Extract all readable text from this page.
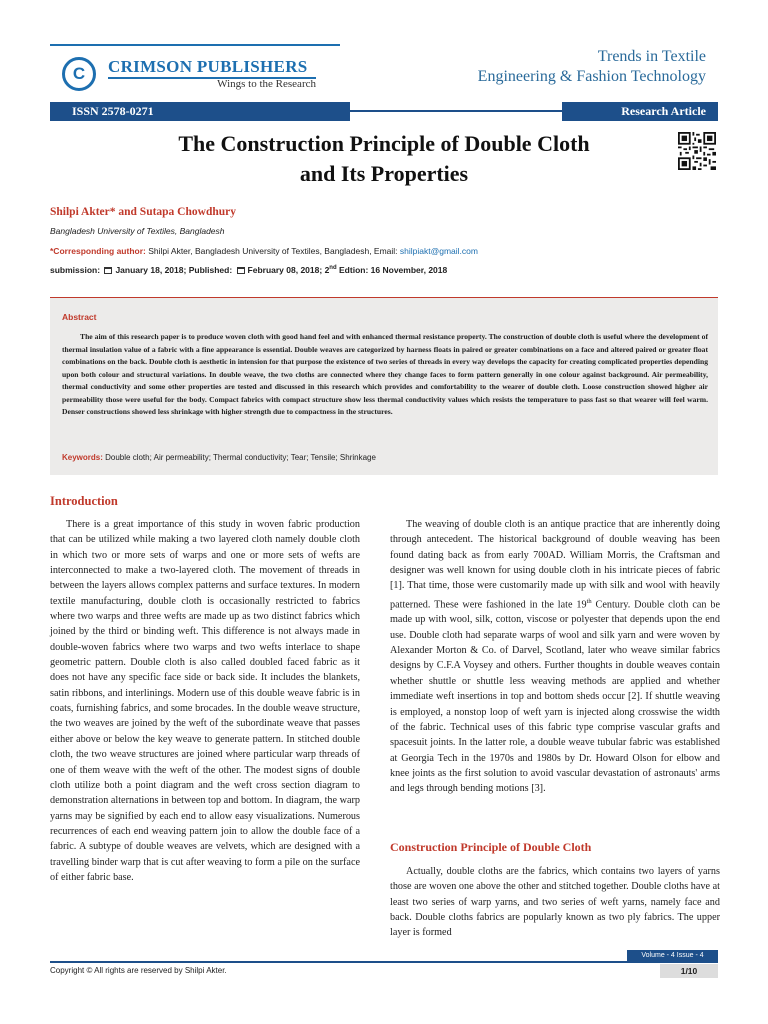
C CRIMSON PUBLISHERS
Wings to the Research
Trends in Textile
Engineering & Fashion Technology
ISSN 2578-0271	Research Article
The Construction Principle of Double Cloth
and Its Properties
Shilpi Akter* and Sutapa Chowdhury
Bangladesh University of Textiles, Bangladesh
*Corresponding author: Shilpi Akter, Bangladesh University of Textiles, Bangladesh, Email: shilpiakt@gmail.com
submission: January 18, 2018; Published: February 08, 2018; 2nd Edtion: 16 November, 2018
Abstract
The aim of this research paper is to produce woven cloth with good hand feel and with enhanced thermal resistance property. The construction of double cloth is useful where the development of thermal insulation value of a fabric with a fine appearance is essential. Double weaves are categorized by harness floats in paired or greater combinations on a face and altered paired or greater float combinations on the back. Double cloth is aesthetic in intension for that purpose the existence of two series of threads in every way develops the capacity for creating complicated properties depending upon both colour and structural variations. In double weave, the two cloths are connected where they change faces to form pattern generally in one colour against background. Air permeability, thermal conductivity and some other properties are tested and discussed in this research which provides and comfortability to the wearer of double cloth. Loose construction showed higher air permeability those were useful for the body. Compact fabrics with compact structure show less thermal conductivity values which resists the temperature to pass fast so that wearer will feel warm. Denser constructions showed less shrinkage with higher strength due to compactness in the structures.
Keywords: Double cloth; Air permeability; Thermal conductivity; Tear; Tensile; Shrinkage
Introduction
There is a great importance of this study in woven fabric production that can be utilized while making a two layered cloth namely double cloth in which two or more sets of warps and one or more sets of wefts are interconnected to make a two-layered cloth. The movement of threads in between the layers allows complex patterns and surface textures. In modern textile manufacturing, double cloth is occasionally restricted to fabrics where two warps and three wefts are made up as two distinct fabrics which joined by the third or binding weft. This difference is not always made in double-woven fabrics where two warps and two wefts interlace to shape geometric pattern. Double cloth is also called doubled faced fabric as it does not have any specific face side or back side. It includes the blankets, satin ribbons, and interlinings. Modern use of this double weave fabric is in coats, furnishing fabrics, and some brocades. In the double weave structure, the two weaves are joined by the weft of the subordinate weave that passes either above or below the key weave to generate pattern. In stitched double cloth, the two weave structures are joined where particular warp threads of one of them weave with the weft of the other. The modest signs of double cloth utilize both a point diagram and the weft cross section diagram to demonstration alternations in between top and bottom. In diagram, the warp yarns may be signified by each end to allow easy visualizations. Numerous recurrences of each end weaving pattern join to allow the double face of a fabric. A subtype of double weaves are velvets, which are designed with a travelling binder warp that is cut after weaving to form a pile on the surface of either fabric base.
The weaving of double cloth is an antique practice that are inherently doing through antecedent. The historical background of double weaving has been found dating back as from early 700AD. William Morris, the Craftsman and designer was well known for using double cloth in his intricate pieces of fabric [1]. That time, those were customarily made up with silk and wool with heavily patterned. These were fashioned in the late 19th Century. Double cloth can be made up with wool, silk, cotton, viscose or polyester that depends upon the end use. Double cloth had separate warps of wool and silk yarn and were woven by Alexander Morton & Co. of Darvel, Scotland, later who weave similar fabrics designs by C.F.A Voysey and others. Further thoughts in double weaves contain whether shuttle or shuttle less weaving methods are applied and whether immediate weft insertions in top and bottom sheds occur [2]. If shuttle weaving is employed, a nonstop loop of weft yarn is injected along crosswise the width of the fabric. Technical uses of this fabric type comprise vascular grafts and spacesuit joints. In the latter role, a double weave tubular fabric was established at Georgia Tech in the 1970s and 1980s by Dr. Howard Olson for elbow and knee joints as the first solution to avoid vascular devastation of astronauts' arms and legs through bending motions [3].
Construction Principle of Double Cloth
Actually, double cloths are the fabrics, which contains two layers of yarns those are woven one above the other and stitched together. Double cloths have at least two series of warp yarns, and two series of weft yarns, namely face and back. Double cloths fabrics are popularly known as two ply fabrics. The upper layer is formed
Volume - 4 Issue - 4
Copyright © All rights are reserved by Shilpi Akter.	1/10
